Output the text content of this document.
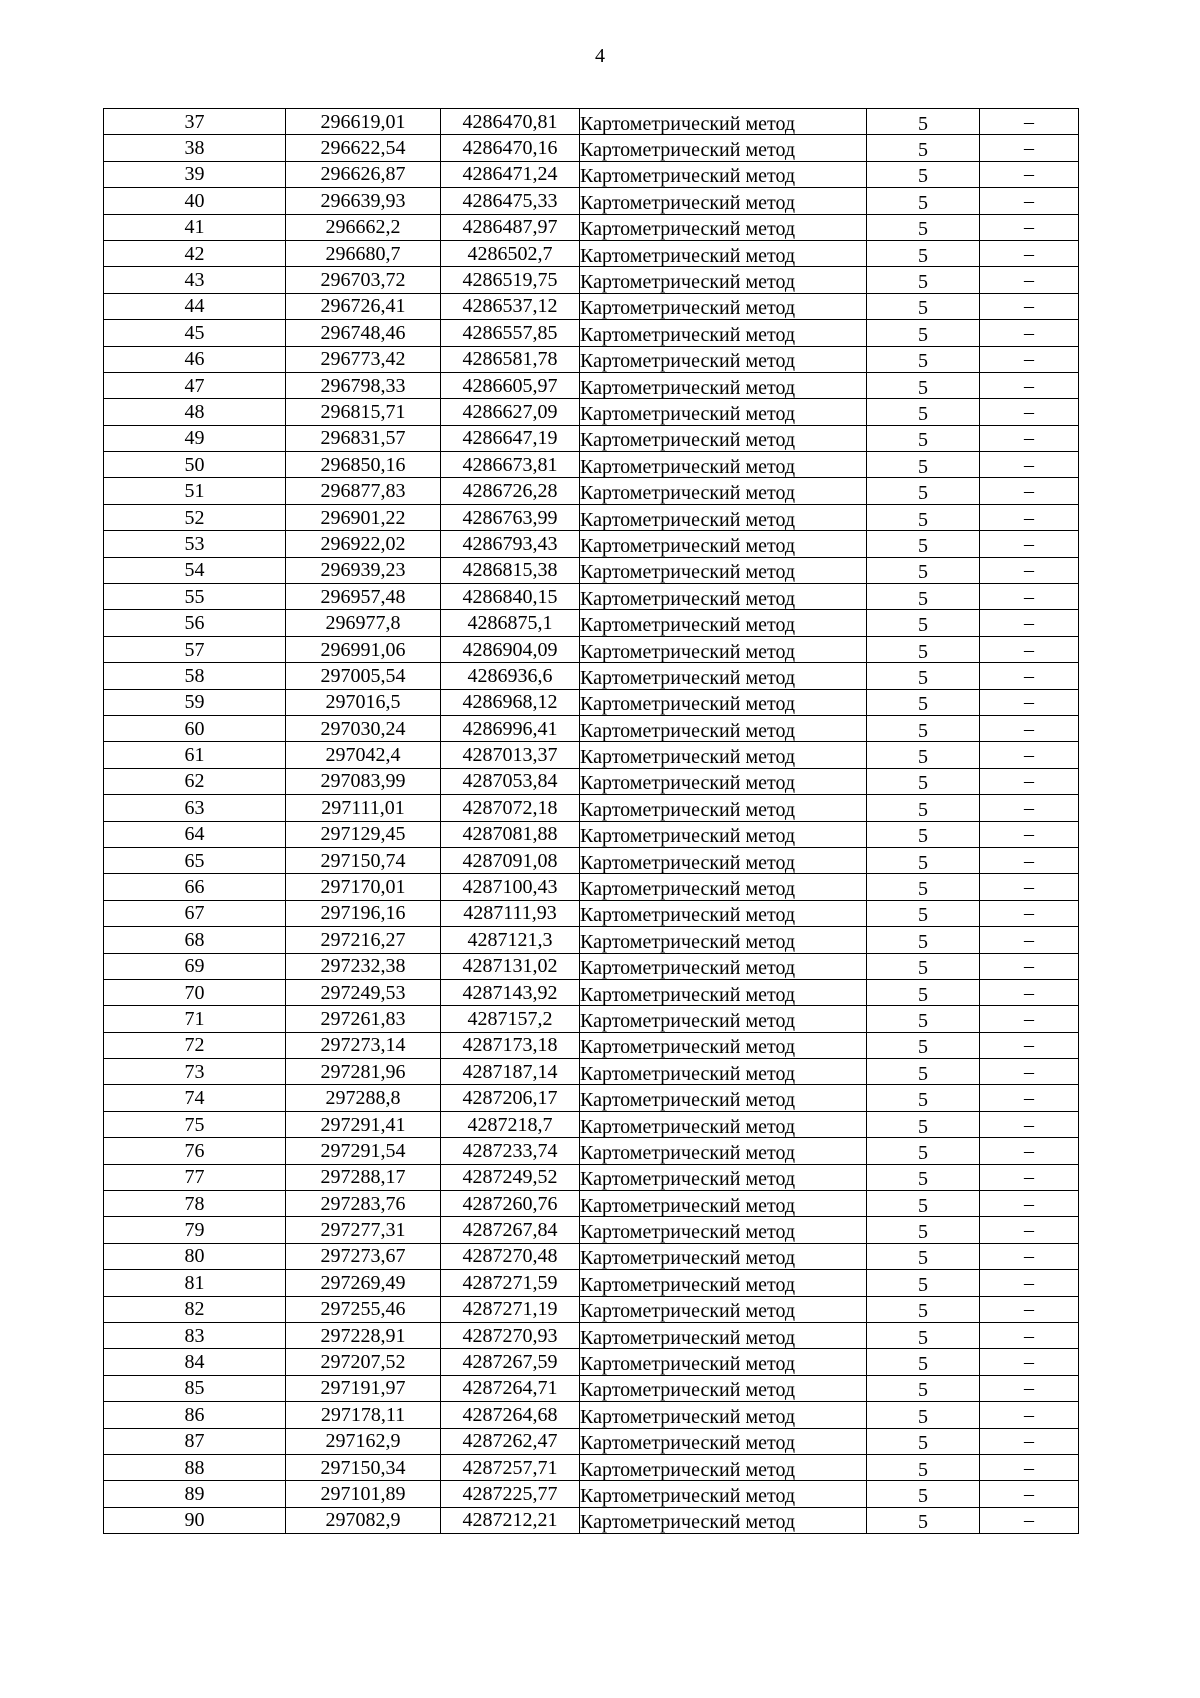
4
37	296619,01	4286470,81	Картометрический метод	5	–
38	296622,54	4286470,16	Картометрический метод	5	–
39	296626,87	4286471,24	Картометрический метод	5	–
40	296639,93	4286475,33	Картометрический метод	5	–
41	296662,2	4286487,97	Картометрический метод	5	–
42	296680,7	4286502,7	Картометрический метод	5	–
43	296703,72	4286519,75	Картометрический метод	5	–
44	296726,41	4286537,12	Картометрический метод	5	–
45	296748,46	4286557,85	Картометрический метод	5	–
46	296773,42	4286581,78	Картометрический метод	5	–
47	296798,33	4286605,97	Картометрический метод	5	–
48	296815,71	4286627,09	Картометрический метод	5	–
49	296831,57	4286647,19	Картометрический метод	5	–
50	296850,16	4286673,81	Картометрический метод	5	–
51	296877,83	4286726,28	Картометрический метод	5	–
52	296901,22	4286763,99	Картометрический метод	5	–
53	296922,02	4286793,43	Картометрический метод	5	–
54	296939,23	4286815,38	Картометрический метод	5	–
55	296957,48	4286840,15	Картометрический метод	5	–
56	296977,8	4286875,1	Картометрический метод	5	–
57	296991,06	4286904,09	Картометрический метод	5	–
58	297005,54	4286936,6	Картометрический метод	5	–
59	297016,5	4286968,12	Картометрический метод	5	–
60	297030,24	4286996,41	Картометрический метод	5	–
61	297042,4	4287013,37	Картометрический метод	5	–
62	297083,99	4287053,84	Картометрический метод	5	–
63	297111,01	4287072,18	Картометрический метод	5	–
64	297129,45	4287081,88	Картометрический метод	5	–
65	297150,74	4287091,08	Картометрический метод	5	–
66	297170,01	4287100,43	Картометрический метод	5	–
67	297196,16	4287111,93	Картометрический метод	5	–
68	297216,27	4287121,3	Картометрический метод	5	–
69	297232,38	4287131,02	Картометрический метод	5	–
70	297249,53	4287143,92	Картометрический метод	5	–
71	297261,83	4287157,2	Картометрический метод	5	–
72	297273,14	4287173,18	Картометрический метод	5	–
73	297281,96	4287187,14	Картометрический метод	5	–
74	297288,8	4287206,17	Картометрический метод	5	–
75	297291,41	4287218,7	Картометрический метод	5	–
76	297291,54	4287233,74	Картометрический метод	5	–
77	297288,17	4287249,52	Картометрический метод	5	–
78	297283,76	4287260,76	Картометрический метод	5	–
79	297277,31	4287267,84	Картометрический метод	5	–
80	297273,67	4287270,48	Картометрический метод	5	–
81	297269,49	4287271,59	Картометрический метод	5	–
82	297255,46	4287271,19	Картометрический метод	5	–
83	297228,91	4287270,93	Картометрический метод	5	–
84	297207,52	4287267,59	Картометрический метод	5	–
85	297191,97	4287264,71	Картометрический метод	5	–
86	297178,11	4287264,68	Картометрический метод	5	–
87	297162,9	4287262,47	Картометрический метод	5	–
88	297150,34	4287257,71	Картометрический метод	5	–
89	297101,89	4287225,77	Картометрический метод	5	–
90	297082,9	4287212,21	Картометрический метод	5	–
